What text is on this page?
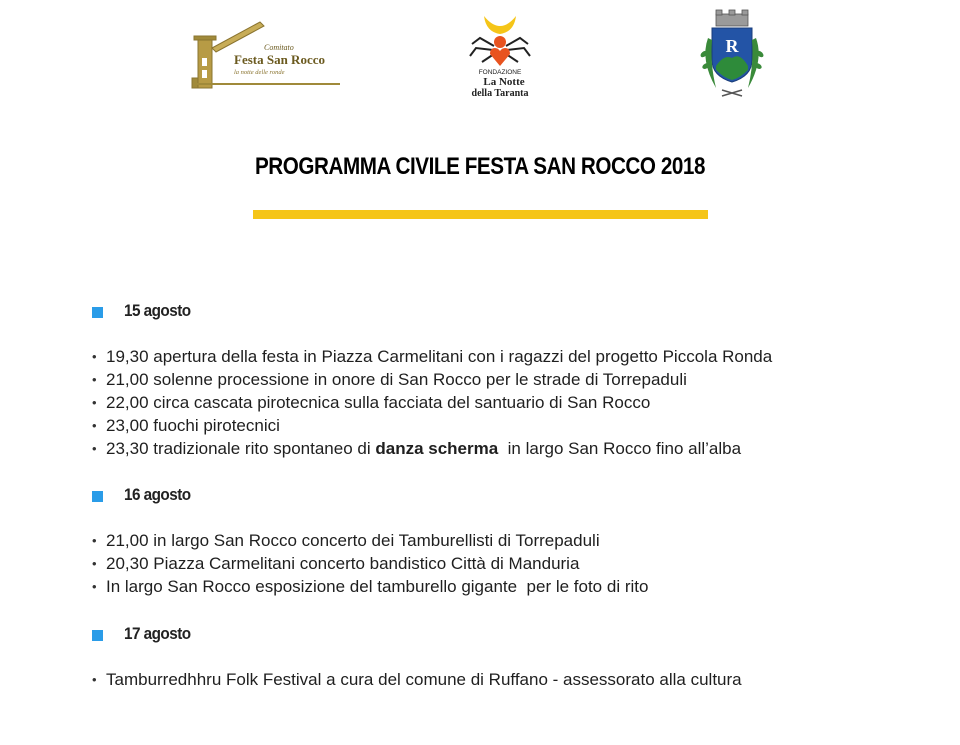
Comitato
Festa San Rocco
la notte delle ronde	FONDAZIONE
La Notte
della Taranta
R
PROGRAMMA CIVILE FESTA SAN ROCCO 2018
15 agosto
• 19,30 apertura della festa in Piazza Carmelitani con i ragazzi del progetto Piccola Ronda
• 21,00 solenne processione in onore di San Rocco per le strade di Torrepaduli
• 22,00 circa cascata pirotecnica sulla facciata del santuario di San Rocco
• 23,00 fuochi pirotecnici
• 23,30 tradizionale rito spontaneo di danza scherma  in largo San Rocco fino all’alba
16 agosto
• 21,00 in largo San Rocco concerto dei Tamburellisti di Torrepaduli
• 20,30 Piazza Carmelitani concerto bandistico Città di Manduria
• In largo San Rocco esposizione del tamburello gigante  per le foto di rito
17 agosto
• Tamburredhhru Folk Festival a cura del comune di Ruffano - assessorato alla cultura
